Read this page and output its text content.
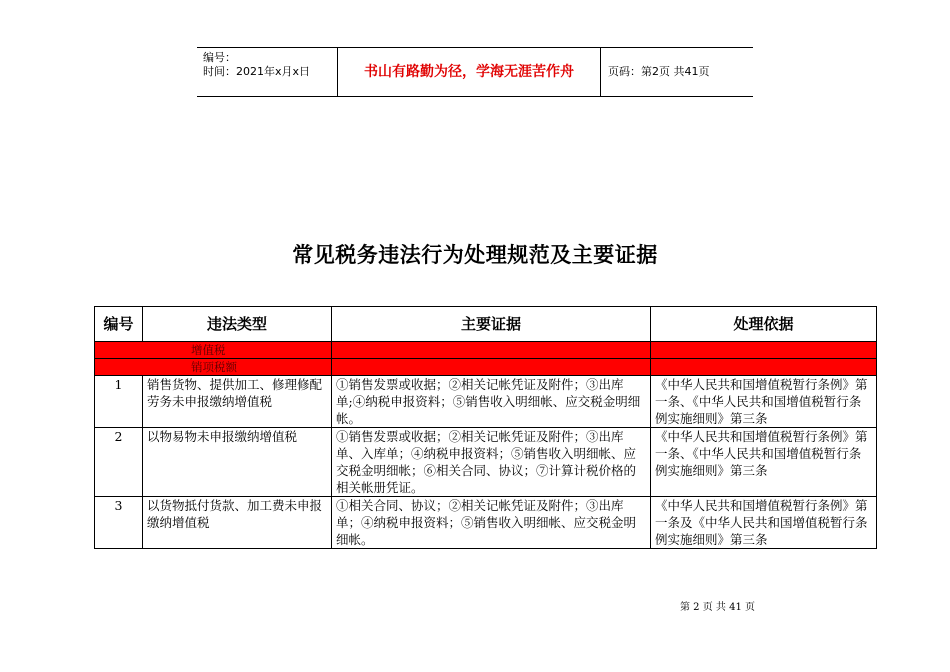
编号：
时间：2021年x月x日	书山有路勤为径，学海无涯苦作舟	页码：第2页 共41页
常见税务违法行为处理规范及主要证据
编号	违法类型	主要证据	处理依据
增值税			
销项税额			
1	销售货物、提供加工、修理修配劳务未申报缴纳增值税	①销售发票或收据；②相关记帐凭证及附件；③出库单;④纳税申报资料；⑤销售收入明细帐、应交税金明细帐。	《中华人民共和国增值税暂行条例》第一条、《中华人民共和国增值税暂行条例实施细则》第三条
2	以物易物未申报缴纳增值税	①销售发票或收据；②相关记帐凭证及附件；③出库单、入库单；④纳税申报资料；⑤销售收入明细帐、应交税金明细帐；⑥相关合同、协议；⑦计算计税价格的相关帐册凭证。	《中华人民共和国增值税暂行条例》第一条、《中华人民共和国增值税暂行条例实施细则》第三条
3	以货物抵付货款、加工费未申报缴纳增值税	①相关合同、协议；②相关记帐凭证及附件；③出库单；④纳税申报资料；⑤销售收入明细帐、应交税金明细帐。	《中华人民共和国增值税暂行条例》第一条及《中华人民共和国增值税暂行条例实施细则》第三条
第 2 页 共 41 页
